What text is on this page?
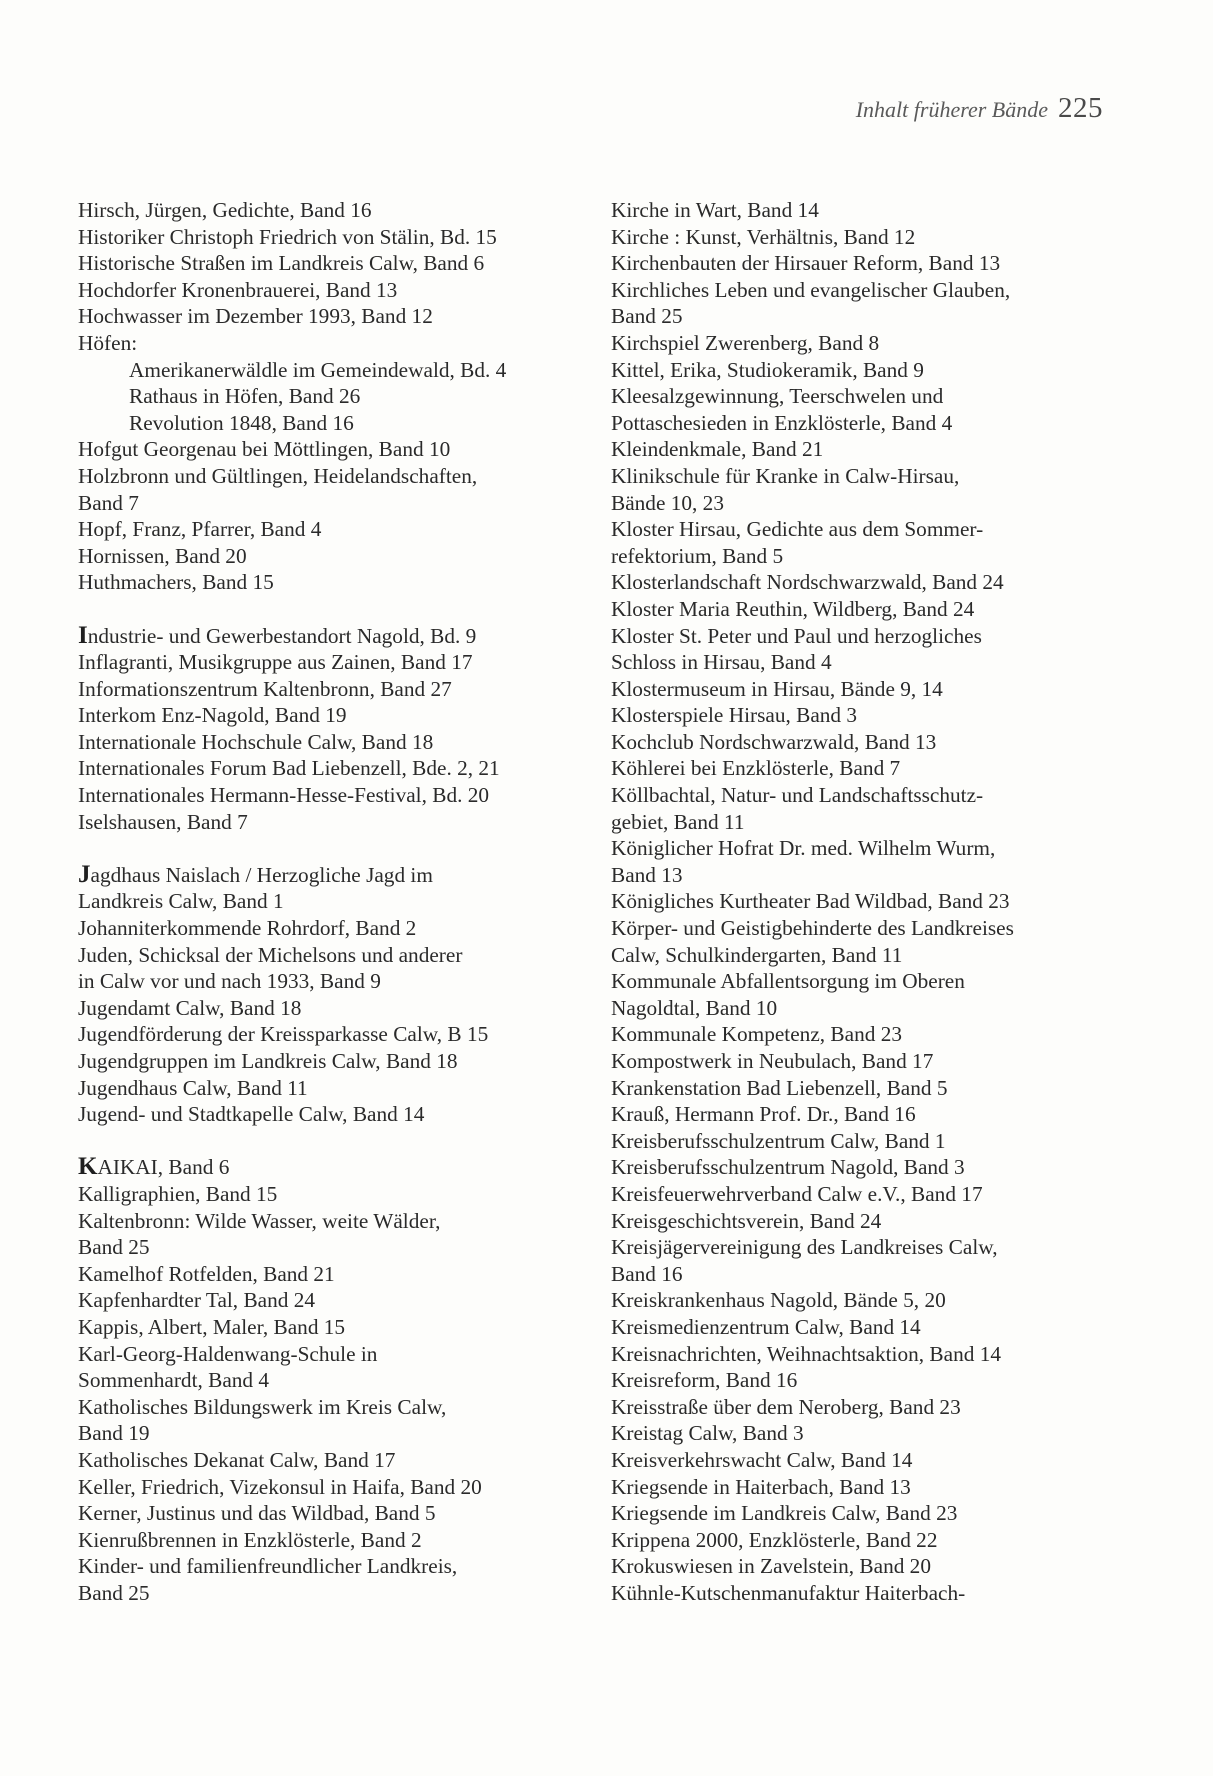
Inhalt früherer Bände 225

Hirsch, Jürgen, Gedichte, Band 16

Historiker Christoph Friedrich von Stälin, Bd. 15

Historische Straßen im Landkreis Calw, Band 6

Hochdorfer Kronenbrauerei, Band 13

Hochwasser im Dezember 1993, Band 12

Höfen:

Amerikanerwäldle im Gemeindewald, Bd. 4

Rathaus in Höfen, Band 26

Revolution 1848, Band 16

Hofgut Georgenau bei Möttlingen, Band 10

Holzbronn und Gültlingen, Heidelandschaften,

Band 7

Hopf, Franz, Pfarrer, Band 4

Hornissen, Band 20

Huthmachers, Band 15

Industrie- und Gewerbestandort Nagold, Bd. 9

Inflagranti, Musikgruppe aus Zainen, Band 17

Informationszentrum Kaltenbronn, Band 27

Interkom Enz-Nagold, Band 19

Internationale Hochschule Calw, Band 18

Internationales Forum Bad Liebenzell, Bde. 2, 21

Internationales Hermann-Hesse-Festival, Bd. 20

Iselshausen, Band 7

Jagdhaus Naislach / Herzogliche Jagd im

Landkreis Calw, Band 1

Johanniterkommende Rohrdorf, Band 2

Juden, Schicksal der Michelsons und anderer

in Calw vor und nach 1933, Band 9

Jugendamt Calw, Band 18

Jugendförderung der Kreissparkasse Calw, B 15

Jugendgruppen im Landkreis Calw, Band 18

Jugendhaus Calw, Band 11

Jugend- und Stadtkapelle Calw, Band 14

KAIKAI, Band 6

Kalligraphien, Band 15

Kaltenbronn: Wilde Wasser, weite Wälder,

Band 25

Kamelhof Rotfelden, Band 21

Kapfenhardter Tal, Band 24

Kappis, Albert, Maler, Band 15

Karl-Georg-Haldenwang-Schule in

Sommenhardt, Band 4

Katholisches Bildungswerk im Kreis Calw,

Band 19

Katholisches Dekanat Calw, Band 17

Keller, Friedrich, Vizekonsul in Haifa, Band 20

Kerner, Justinus und das Wildbad, Band 5

Kienrußbrennen in Enzklösterle, Band 2

Kinder- und familienfreundlicher Landkreis,

Band 25

Kirche in Wart, Band 14

Kirche : Kunst, Verhältnis, Band 12

Kirchenbauten der Hirsauer Reform, Band 13

Kirchliches Leben und evangelischer Glauben,

Band 25

Kirchspiel Zwerenberg, Band 8

Kittel, Erika, Studiokeramik, Band 9

Kleesalzgewinnung, Teerschwelen und

Pottaschesieden in Enzklösterle, Band 4

Kleindenkmale, Band 21

Klinikschule für Kranke in Calw-Hirsau,

Bände 10, 23

Kloster Hirsau, Gedichte aus dem Sommer-

refektorium, Band 5

Klosterlandschaft Nordschwarzwald, Band 24

Kloster Maria Reuthin, Wildberg, Band 24

Kloster St. Peter und Paul und herzogliches

Schloss in Hirsau, Band 4

Klostermuseum in Hirsau, Bände 9, 14

Klosterspiele Hirsau, Band 3

Kochclub Nordschwarzwald, Band 13

Köhlerei bei Enzklösterle, Band 7

Köllbachtal, Natur- und Landschaftsschutz-

gebiet, Band 11

Königlicher Hofrat Dr. med. Wilhelm Wurm,

Band 13

Königliches Kurtheater Bad Wildbad, Band 23

Körper- und Geistigbehinderte des Landkreises

Calw, Schulkindergarten, Band 11

Kommunale Abfallentsorgung im Oberen

Nagoldtal, Band 10

Kommunale Kompetenz, Band 23

Kompostwerk in Neubulach, Band 17

Krankenstation Bad Liebenzell, Band 5

Krauß, Hermann Prof. Dr., Band 16

Kreisberufsschulzentrum Calw, Band 1

Kreisberufsschulzentrum Nagold, Band 3

Kreisfeuerwehrverband Calw e.V., Band 17

Kreisgeschichtsverein, Band 24

Kreisjägervereinigung des Landkreises Calw,

Band 16

Kreiskrankenhaus Nagold, Bände 5, 20

Kreismedienzentrum Calw, Band 14

Kreisnachrichten, Weihnachtsaktion, Band 14

Kreisreform, Band 16

Kreisstraße über dem Neroberg, Band 23

Kreistag Calw, Band 3

Kreisverkehrswacht Calw, Band 14

Kriegsende in Haiterbach, Band 13

Kriegsende im Landkreis Calw, Band 23

Krippena 2000, Enzklösterle, Band 22

Krokuswiesen in Zavelstein, Band 20

Kühnle-Kutschenmanufaktur Haiterbach-
